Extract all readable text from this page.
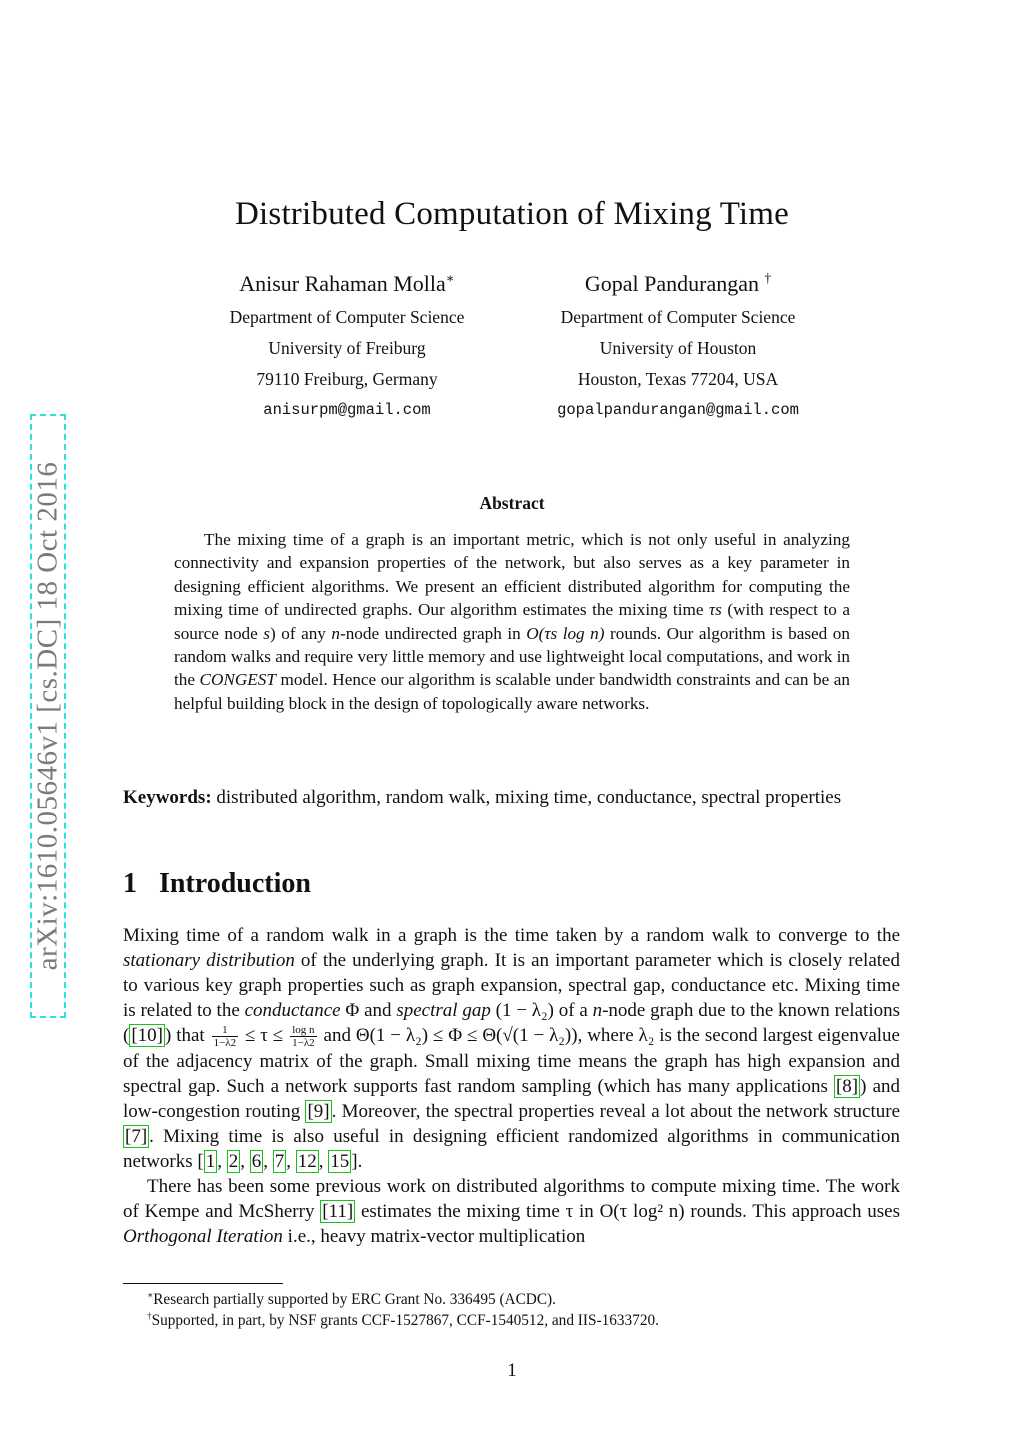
arXiv:1610.05646v1 [cs.DC] 18 Oct 2016
Distributed Computation of Mixing Time
Anisur Rahaman Molla∗
Department of Computer Science
University of Freiburg
79110 Freiburg, Germany
anisurpm@gmail.com
Gopal Pandurangan †
Department of Computer Science
University of Houston
Houston, Texas 77204, USA
gopalpandurangan@gmail.com
Abstract
The mixing time of a graph is an important metric, which is not only useful in analyzing connectivity and expansion properties of the network, but also serves as a key parameter in designing efficient algorithms. We present an efficient distributed algorithm for computing the mixing time of undirected graphs. Our algorithm estimates the mixing time τs (with respect to a source node s) of any n-node undirected graph in O(τs log n) rounds. Our algorithm is based on random walks and require very little memory and use lightweight local computations, and work in the CONGEST model. Hence our algorithm is scalable under bandwidth constraints and can be an helpful building block in the design of topologically aware networks.
Keywords: distributed algorithm, random walk, mixing time, conductance, spectral properties
1 Introduction

Mixing time of a random walk in a graph is the time taken by a random walk to converge to the stationary distribution of the underlying graph. It is an important parameter which is closely related to various key graph properties such as graph expansion, spectral gap, conductance etc. Mixing time is related to the conductance Φ and spectral gap (1 − λ₂) of a n-node graph due to the known relations ( [10] ) that $\frac{1}{1-\lambda 2} \le \tau \le \frac{\text{log n}}{1-\lambda 2}$ and Θ(1 − λ₂) ≤ Φ ≤ Θ(√(1 − λ₂)), where λ₂ is the second largest eigenvalue of the adjacency matrix of the graph. Small mixing time means the graph has high expansion and spectral gap. Such a network supports fast random sampling (which has many applications [8] ) and low-congestion routing [9] . Moreover, the spectral properties reveal a lot about the network structure [7] . Mixing time is also useful in designing efficient randomized algorithms in communication networks [ 1 , 2 , 6 , 7 , 12 , 15 ].

There has been some previous work on distributed algorithms to compute mixing time. The work of Kempe and McSherry [11] estimates the mixing time τ in O(τ log² n) rounds. This approach uses Orthogonal Iteration i.e., heavy matrix-vector multiplication

∗Research partially supported by ERC Grant No. 336495 (ACDC).
†Supported, in part, by NSF grants CCF-1527867, CCF-1540512, and IIS-1633720.
1
